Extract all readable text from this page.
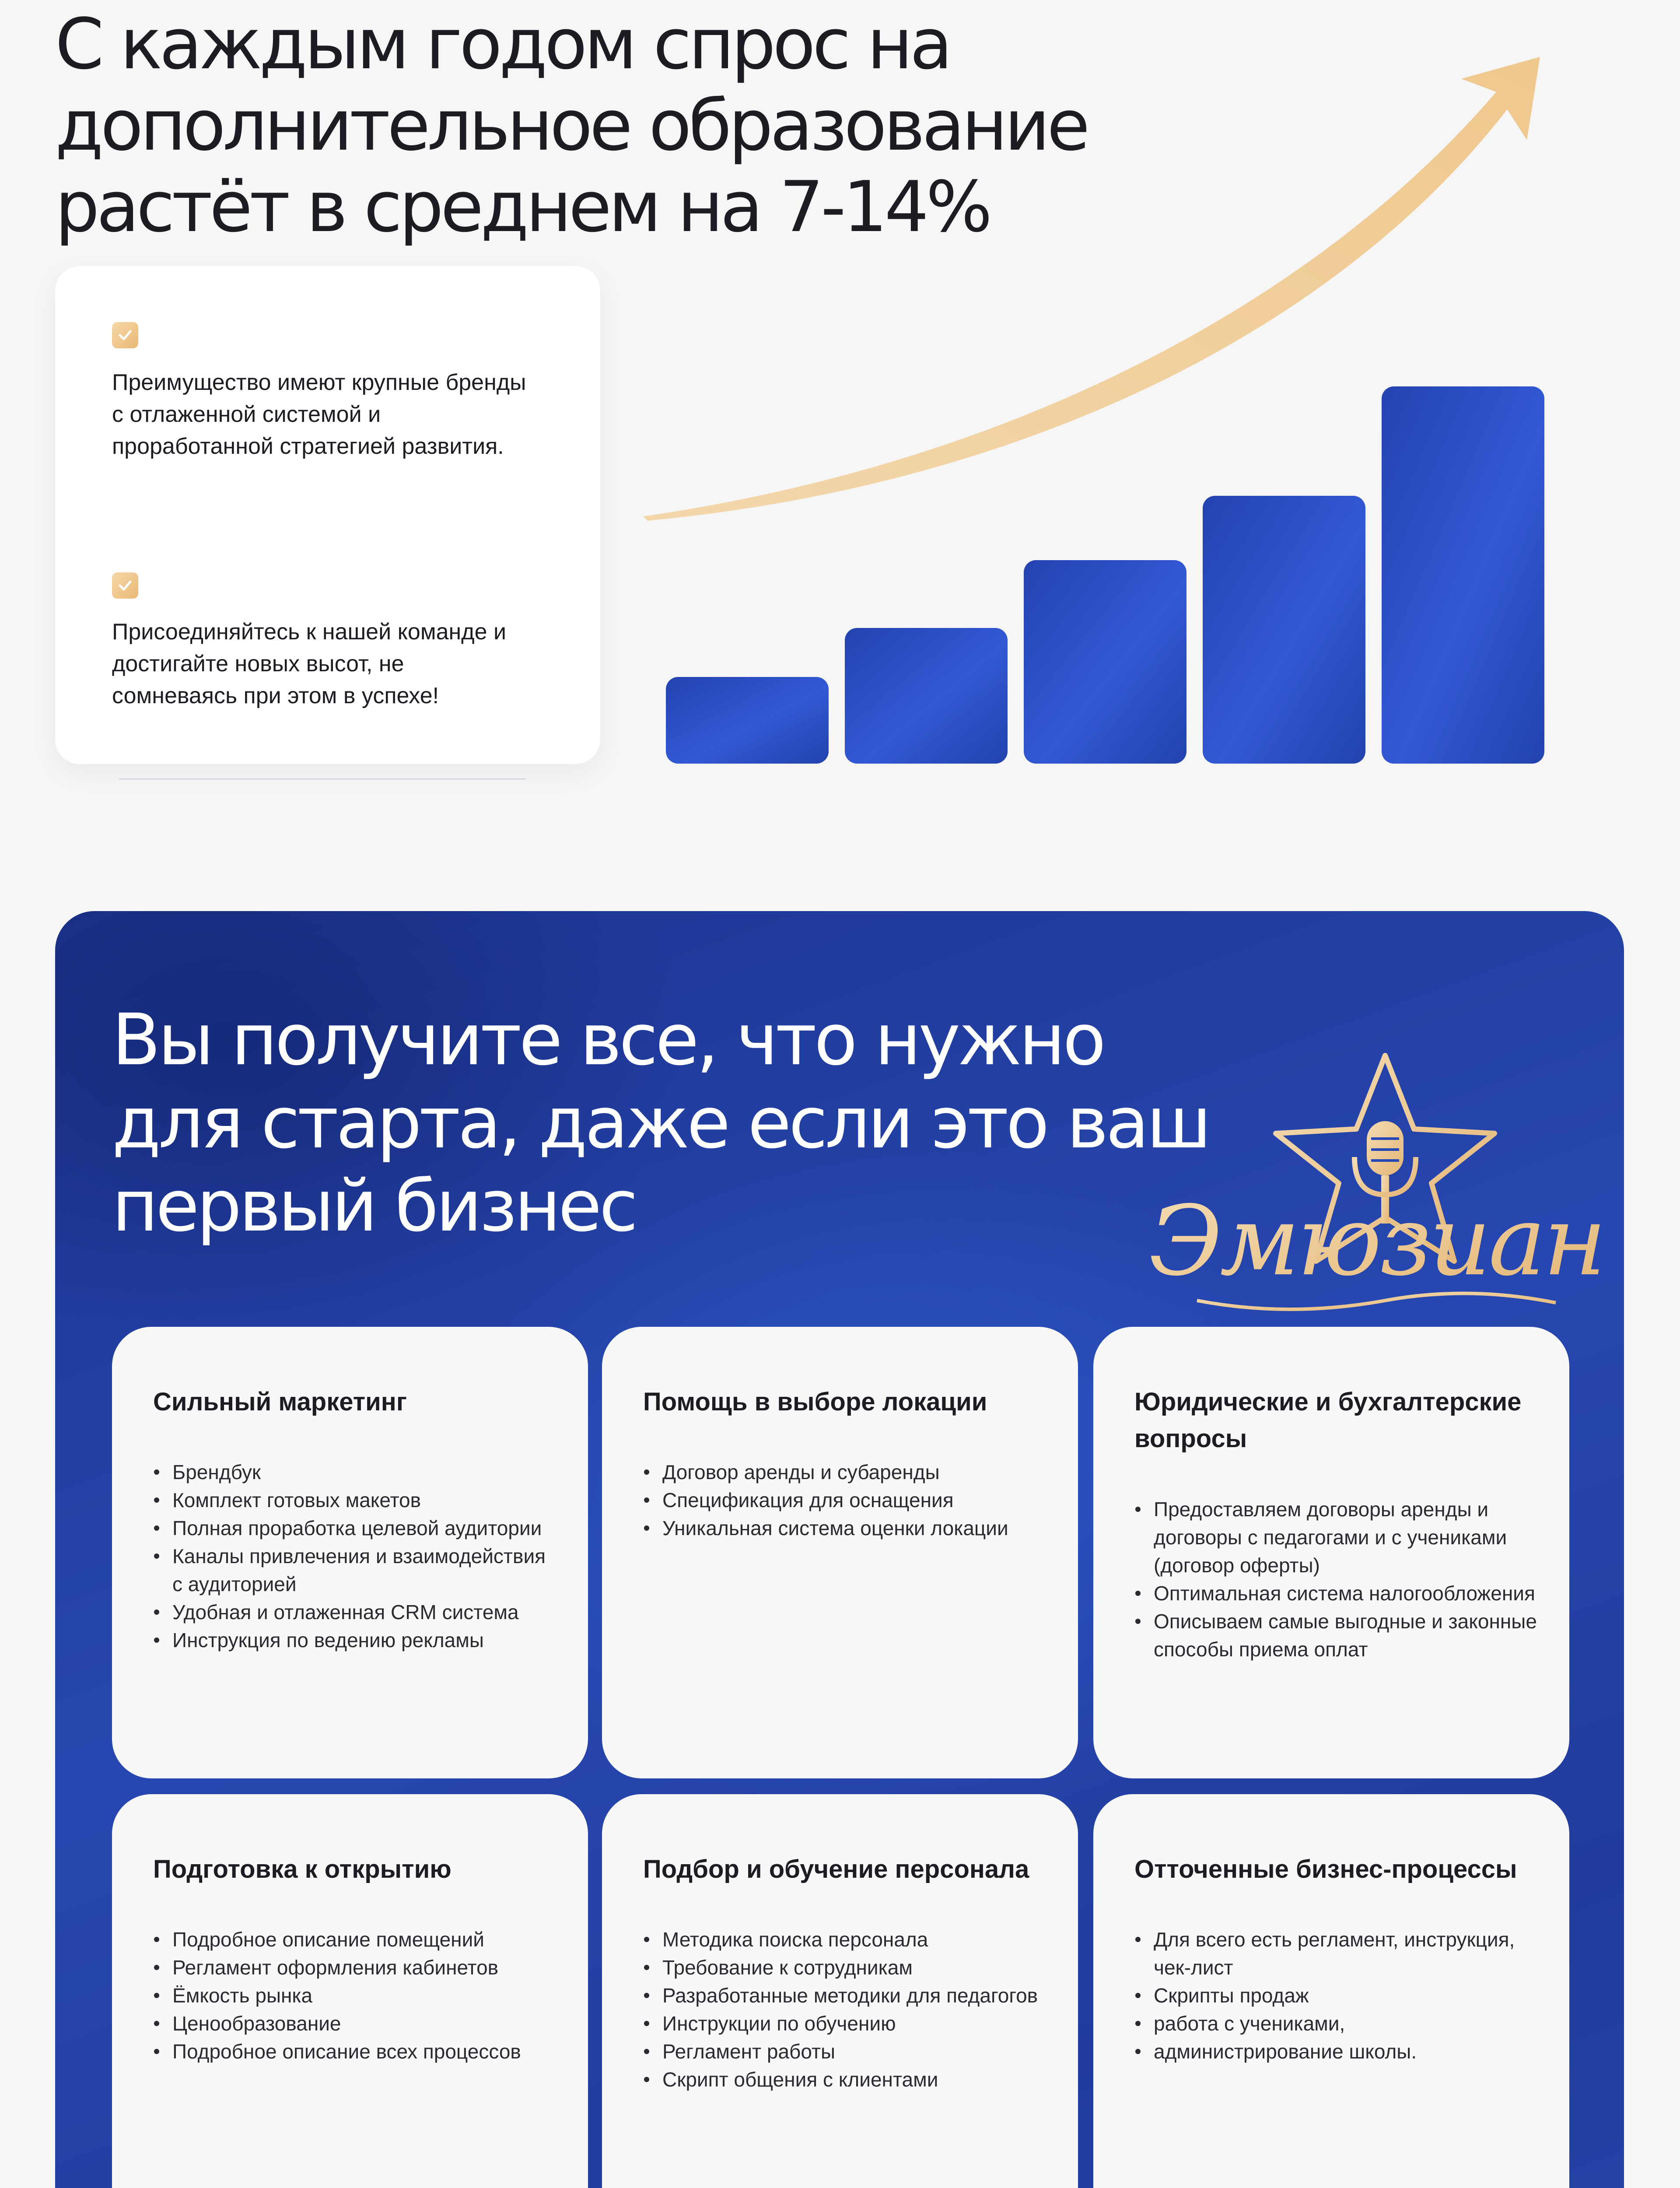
С каждым годом спрос на
дополнительное образование
растёт в среднем на 7-14%
Преимущество имеют крупные бренды с отлаженной системой и проработанной стратегией развития.
Присоединяйтесь к нашей команде и достигайте новых высот, не сомневаясь при этом в успехе!
Вы получите все, что нужно
для старта, даже если это ваш
первый бизнес	Эмюзиан
Сильный маркетинг
Брендбук
Комплект готовых макетов
Полная проработка целевой аудитории
Каналы привлечения и взаимодействия с аудиторией
Удобная и отлаженная CRM система
Инструкция по ведению рекламы
Помощь в выборе локации
Договор аренды и субаренды
Спецификация для оснащения
Уникальная система оценки локации
Юридические и бухгалтерские вопросы
Предоставляем договоры аренды и договоры с педагогами и с учениками (договор оферты)
Оптимальная система налогообложения
Описываем самые выгодные и законные способы приема оплат
Подготовка к открытию
Подробное описание помещений
Регламент оформления кабинетов
Ёмкость рынка
Ценообразование
Подробное описание всех процессов
Подбор и обучение персонала
Методика поиска персонала
Требование к сотрудникам
Разработанные методики для педагогов
Инструкции по обучению
Регламент работы
Скрипт общения с клиентами
Отточенные бизнес-процессы
Для всего есть регламент, инструкция, чек-лист
Скрипты продаж
работа с учениками,
администрирование школы.
